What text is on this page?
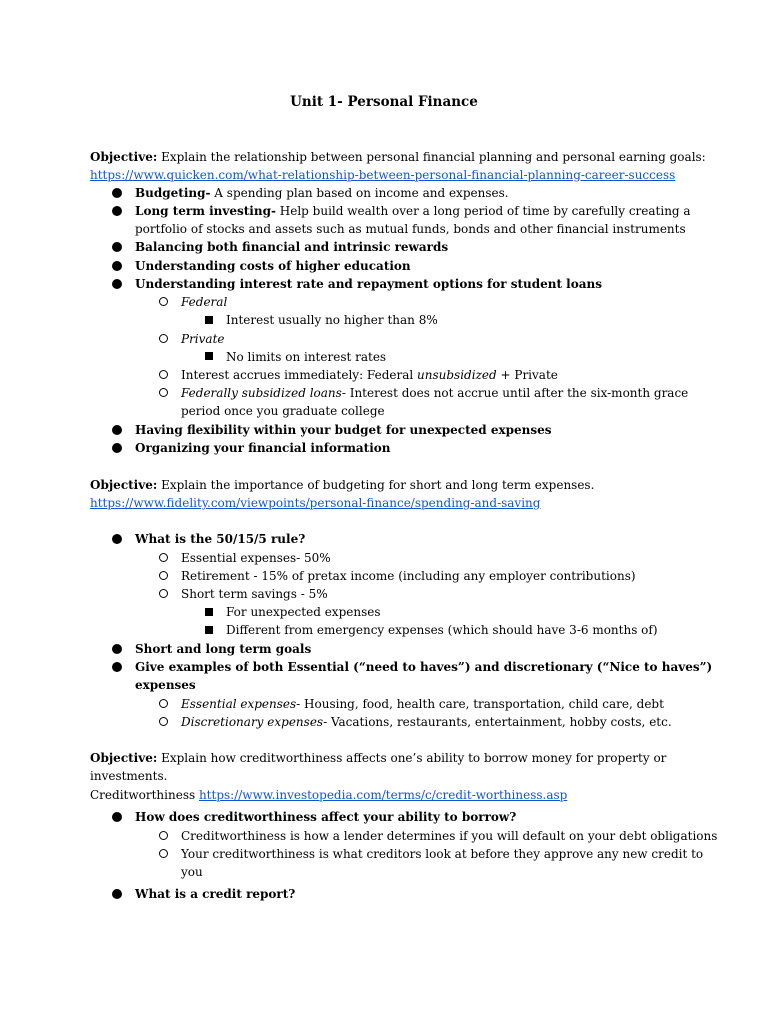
Unit 1- Personal Finance
Objective: Explain the relationship between personal financial planning and personal earning goals:
https://www.quicken.com/what-relationship-between-personal-financial-planning-career-success
Budgeting- A spending plan based on income and expenses.
Long term investing- Help build wealth over a long period of time by carefully creating a
portfolio of stocks and assets such as mutual funds, bonds and other financial instruments
Balancing both financial and intrinsic rewards
Understanding costs of higher education
Understanding interest rate and repayment options for student loans
Federal
Interest usually no higher than 8%
Private
No limits on interest rates
Interest accrues immediately: Federal unsubsidized + Private
Federally subsidized loans- Interest does not accrue until after the six-month grace
period once you graduate college
Having flexibility within your budget for unexpected expenses
Organizing your financial information
Objective: Explain the importance of budgeting for short and long term expenses.
https://www.fidelity.com/viewpoints/personal-finance/spending-and-saving
What is the 50/15/5 rule?
Essential expenses- 50%
Retirement - 15% of pretax income (including any employer contributions)
Short term savings - 5%
For unexpected expenses
Different from emergency expenses (which should have 3-6 months of)
Short and long term goals
Give examples of both Essential (“need to haves”) and discretionary (“Nice to haves”)
expenses
Essential expenses- Housing, food, health care, transportation, child care, debt
Discretionary expenses- Vacations, restaurants, entertainment, hobby costs, etc.
Objective: Explain how creditworthiness affects one’s ability to borrow money for property or
investments.
Creditworthiness https://www.investopedia.com/terms/c/credit-worthiness.asp
How does creditworthiness affect your ability to borrow?
Creditworthiness is how a lender determines if you will default on your debt obligations
Your creditworthiness is what creditors look at before they approve any new credit to
you
What is a credit report?
